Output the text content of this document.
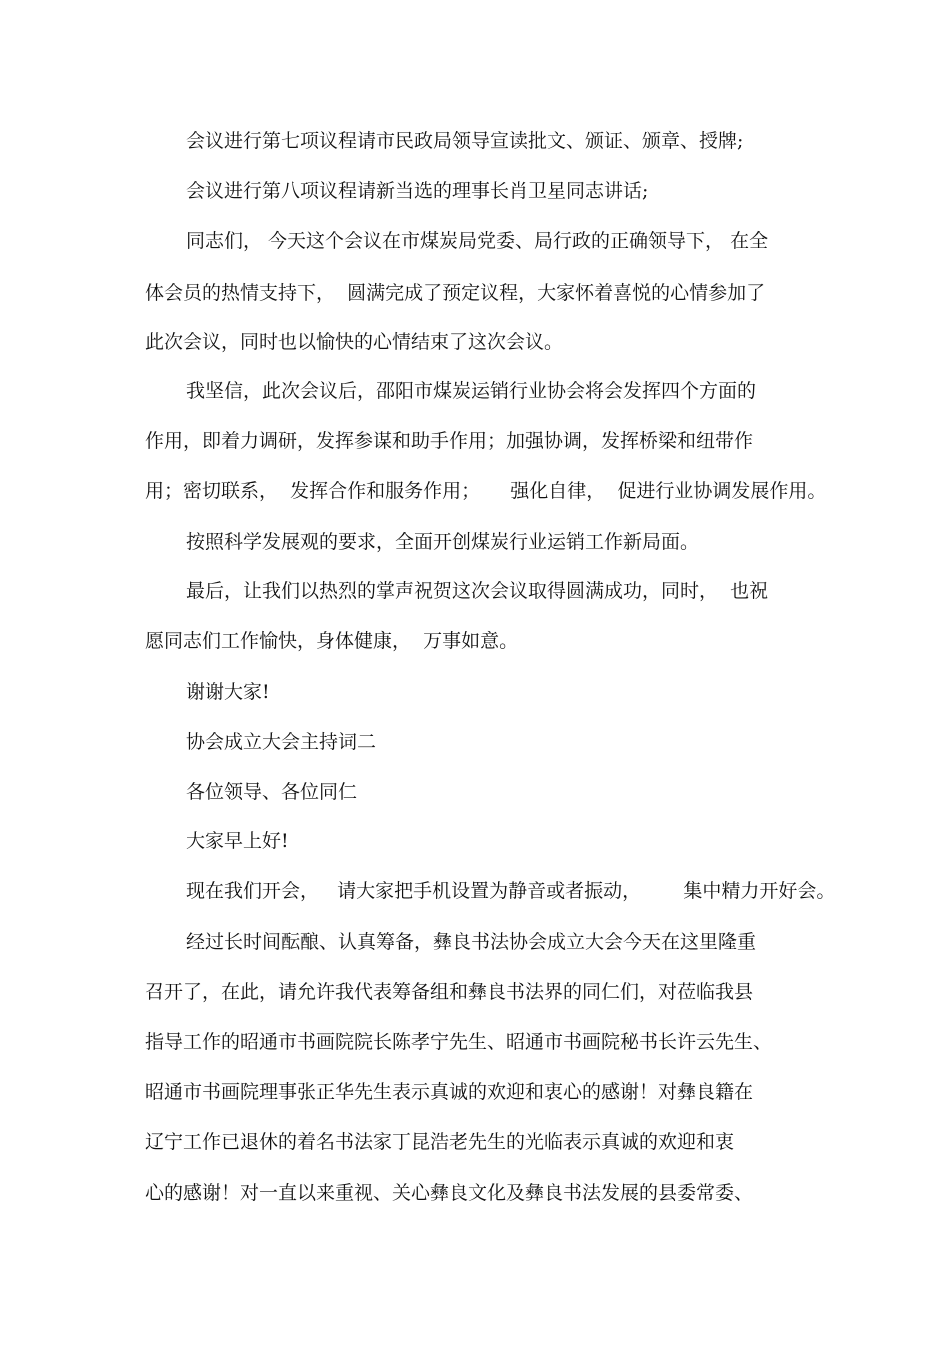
会议进行第七项议程请市民政局领导宣读批文、颁证、颁章、授牌;
会议进行第八项议程请新当选的理事长肖卫星同志讲话;
同志们， 今天这个会议在市煤炭局党委、局行政的正确领导下， 在全
体会员的热情支持下，  圆满完成了预定议程，大家怀着喜悦的心情参加了
此次会议，同时也以愉快的心情结束了这次会议。
我坚信，此次会议后，邵阳市煤炭运销行业协会将会发挥四个方面的
作用，即着力调研，发挥参谋和助手作用；加强协调，发挥桥梁和纽带作
用；密切联系，  发挥合作和服务作用；     强化自律，  促进行业协调发展作用。
按照科学发展观的要求，全面开创煤炭行业运销工作新局面。
最后，让我们以热烈的掌声祝贺这次会议取得圆满成功，同时，  也祝
愿同志们工作愉快，身体健康，  万事如意。
谢谢大家!
协会成立大会主持词二
各位领导、各位同仁
大家早上好!
现在我们开会，   请大家把手机设置为静音或者振动，       集中精力开好会。
经过长时间酝酿、认真筹备，彝良书法协会成立大会今天在这里隆重
召开了，在此，请允许我代表筹备组和彝良书法界的同仁们，对莅临我县
指导工作的昭通市书画院院长陈孝宁先生、昭通市书画院秘书长许云先生、
昭通市书画院理事张正华先生表示真诚的欢迎和衷心的感谢！对彝良籍在
辽宁工作已退休的着名书法家丁昆浩老先生的光临表示真诚的欢迎和衷
心的感谢！对一直以来重视、关心彝良文化及彝良书法发展的县委常委、
